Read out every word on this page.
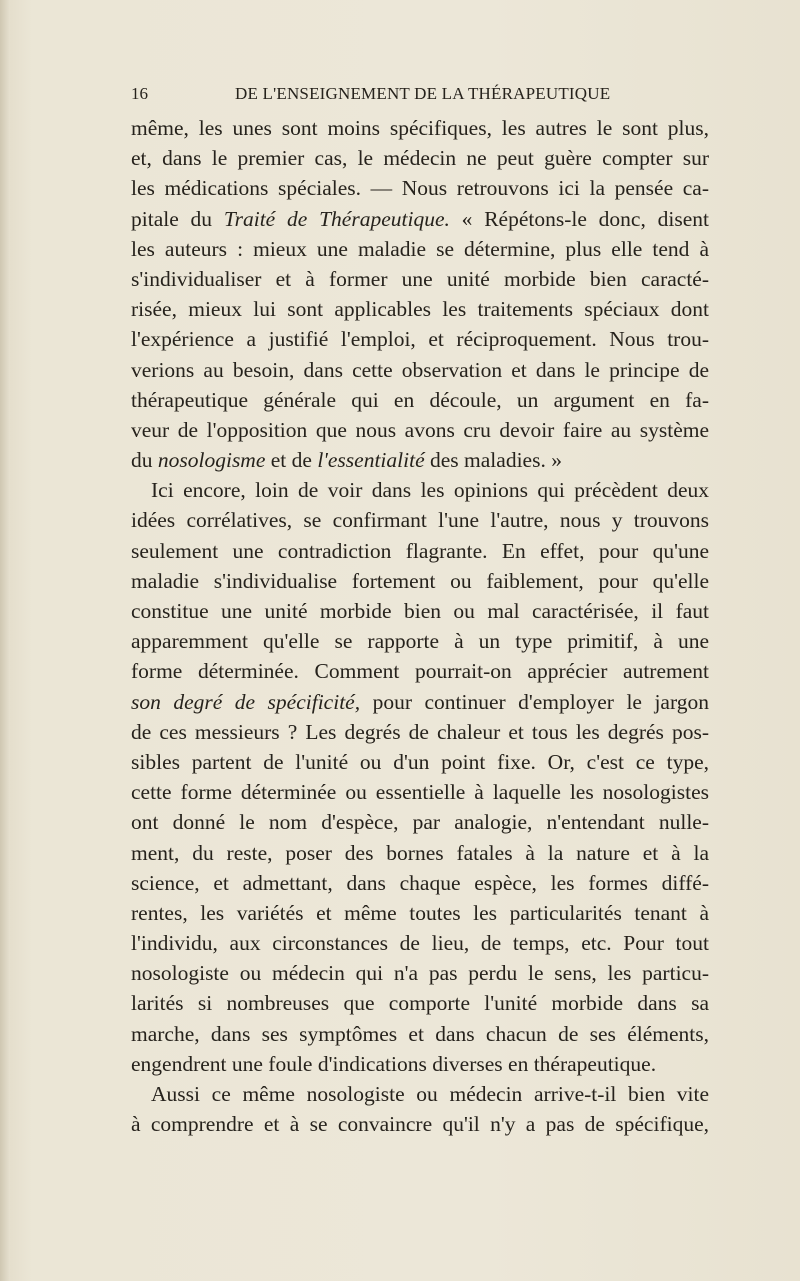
16	DE L'ENSEIGNEMENT DE LA THÉRAPEUTIQUE
même, les unes sont moins spécifiques, les autres le sont plus,
et, dans le premier cas, le médecin ne peut guère compter sur
les médications spéciales. — Nous retrouvons ici la pensée ca-
pitale du Traité de Thérapeutique. « Répétons-le donc, disent
les auteurs : mieux une maladie se détermine, plus elle tend à
s'individualiser et à former une unité morbide bien caracté-
risée, mieux lui sont applicables les traitements spéciaux dont
l'expérience a justifié l'emploi, et réciproquement. Nous trou-
verions au besoin, dans cette observation et dans le principe de
thérapeutique générale qui en découle, un argument en fa-
veur de l'opposition que nous avons cru devoir faire au système
du nosologisme et de l'essentialité des maladies. »
Ici encore, loin de voir dans les opinions qui précèdent deux
idées corrélatives, se confirmant l'une l'autre, nous y trouvons
seulement une contradiction flagrante. En effet, pour qu'une
maladie s'individualise fortement ou faiblement, pour qu'elle
constitue une unité morbide bien ou mal caractérisée, il faut
apparemment qu'elle se rapporte à un type primitif, à une
forme déterminée. Comment pourrait-on apprécier autrement
son degré de spécificité, pour continuer d'employer le jargon
de ces messieurs ? Les degrés de chaleur et tous les degrés pos-
sibles partent de l'unité ou d'un point fixe. Or, c'est ce type,
cette forme déterminée ou essentielle à laquelle les nosologistes
ont donné le nom d'espèce, par analogie, n'entendant nulle-
ment, du reste, poser des bornes fatales à la nature et à la
science, et admettant, dans chaque espèce, les formes diffé-
rentes, les variétés et même toutes les particularités tenant à
l'individu, aux circonstances de lieu, de temps, etc. Pour tout
nosologiste ou médecin qui n'a pas perdu le sens, les particu-
larités si nombreuses que comporte l'unité morbide dans sa
marche, dans ses symptômes et dans chacun de ses éléments,
engendrent une foule d'indications diverses en thérapeutique.
Aussi ce même nosologiste ou médecin arrive-t-il bien vite
à comprendre et à se convaincre qu'il n'y a pas de spécifique,
